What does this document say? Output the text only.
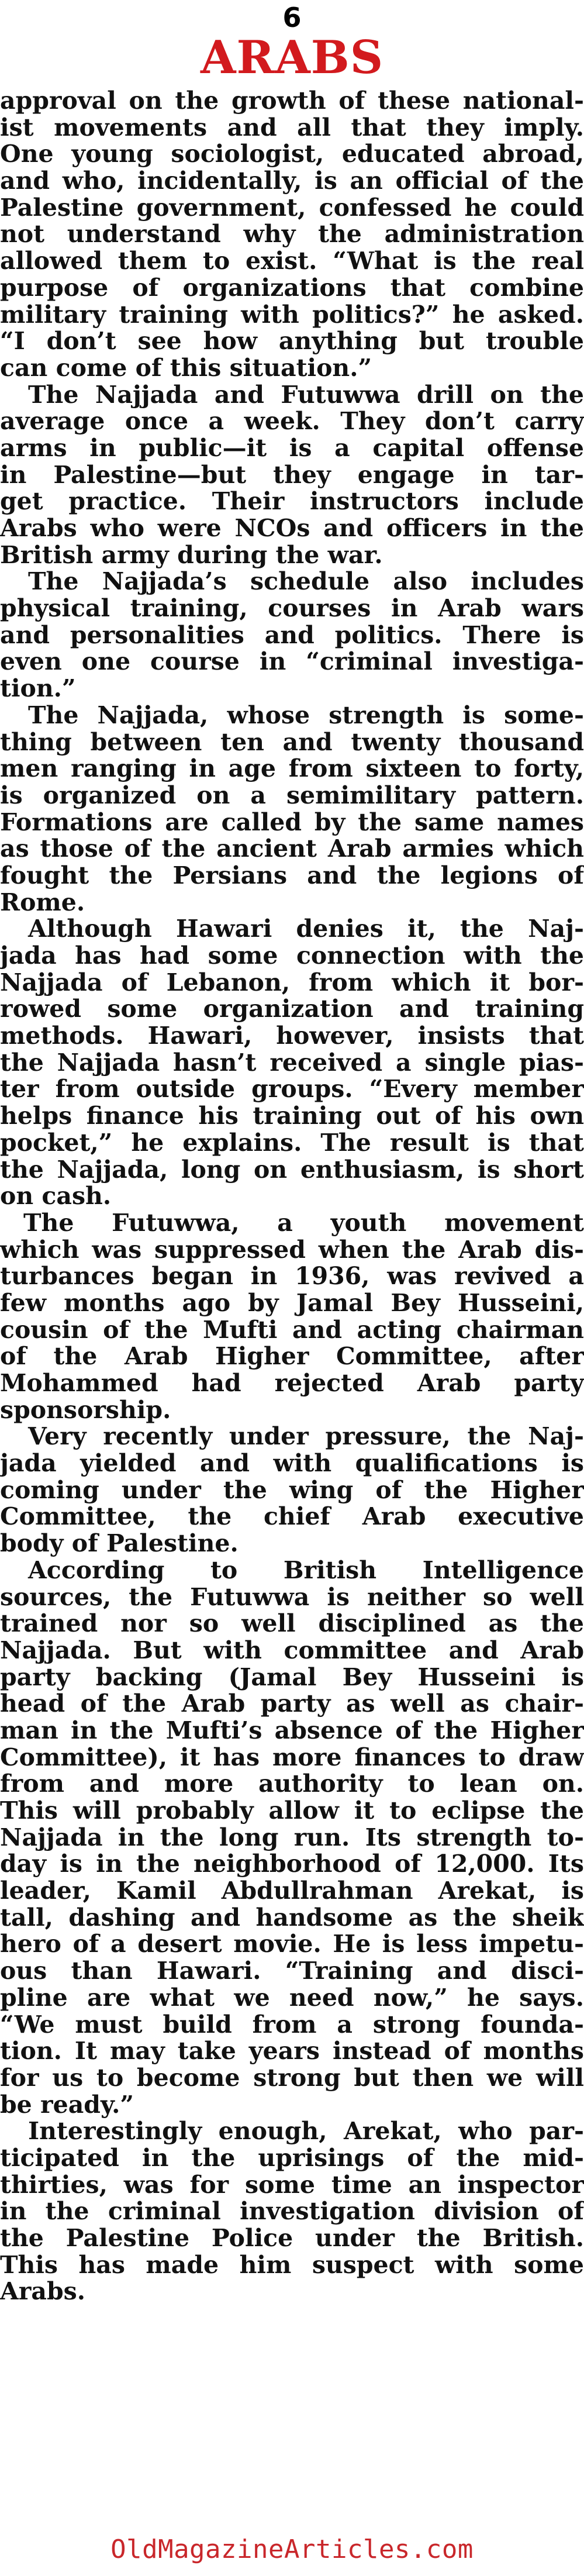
6
ARABS
approval on the growth of these national-
ist movements and all that they imply.
One young sociologist, educated abroad,
and who, incidentally, is an official of the
Palestine government, confessed he could
not understand why the administration
allowed them to exist. “What is the real
purpose of organizations that combine
military training with politics?” he asked.
“I don’t see how anything but trouble
can come of this situation.”
The Najjada and Futuwwa drill on the
average once a week. They don’t carry
arms in public—it is a capital offense
in Palestine—but they engage in tar-
get practice. Their instructors include
Arabs who were NCOs and officers in the
British army during the war.
The Najjada’s schedule also includes
physical training, courses in Arab wars
and personalities and politics. There is
even one course in “criminal investiga-
tion.”
The Najjada, whose strength is some-
thing between ten and twenty thousand
men ranging in age from sixteen to forty,
is organized on a semimilitary pattern.
Formations are called by the same names
as those of the ancient Arab armies which
fought the Persians and the legions of
Rome.
Although Hawari denies it, the Naj-
jada has had some connection with the
Najjada of Lebanon, from which it bor-
rowed some organization and training
methods. Hawari, however, insists that
the Najjada hasn’t received a single pias-
ter from outside groups. “Every member
helps finance his training out of his own
pocket,” he explains. The result is that
the Najjada, long on enthusiasm, is short
on cash.
The Futuwwa, a youth movement
which was suppressed when the Arab dis-
turbances began in 1936, was revived a
few months ago by Jamal Bey Husseini,
cousin of the Mufti and acting chairman
of the Arab Higher Committee, after
Mohammed had rejected Arab party
sponsorship.
Very recently under pressure, the Naj-
jada yielded and with qualifications is
coming under the wing of the Higher
Committee, the chief Arab executive
body of Palestine.
According to British Intelligence
sources, the Futuwwa is neither so well
trained nor so well disciplined as the
Najjada. But with committee and Arab
party backing (Jamal Bey Husseini is
head of the Arab party as well as chair-
man in the Mufti’s absence of the Higher
Committee), it has more finances to draw
from and more authority to lean on.
This will probably allow it to eclipse the
Najjada in the long run. Its strength to-
day is in the neighborhood of 12,000. Its
leader, Kamil Abdullrahman Arekat, is
tall, dashing and handsome as the sheik
hero of a desert movie. He is less impetu-
ous than Hawari. “Training and disci-
pline are what we need now,” he says.
“We must build from a strong founda-
tion. It may take years instead of months
for us to become strong but then we will
be ready.”
Interestingly enough, Arekat, who par-
ticipated in the uprisings of the mid-
thirties, was for some time an inspector
in the criminal investigation division of
the Palestine Police under the British.
This has made him suspect with some
Arabs.
OldMagazineArticles.com
